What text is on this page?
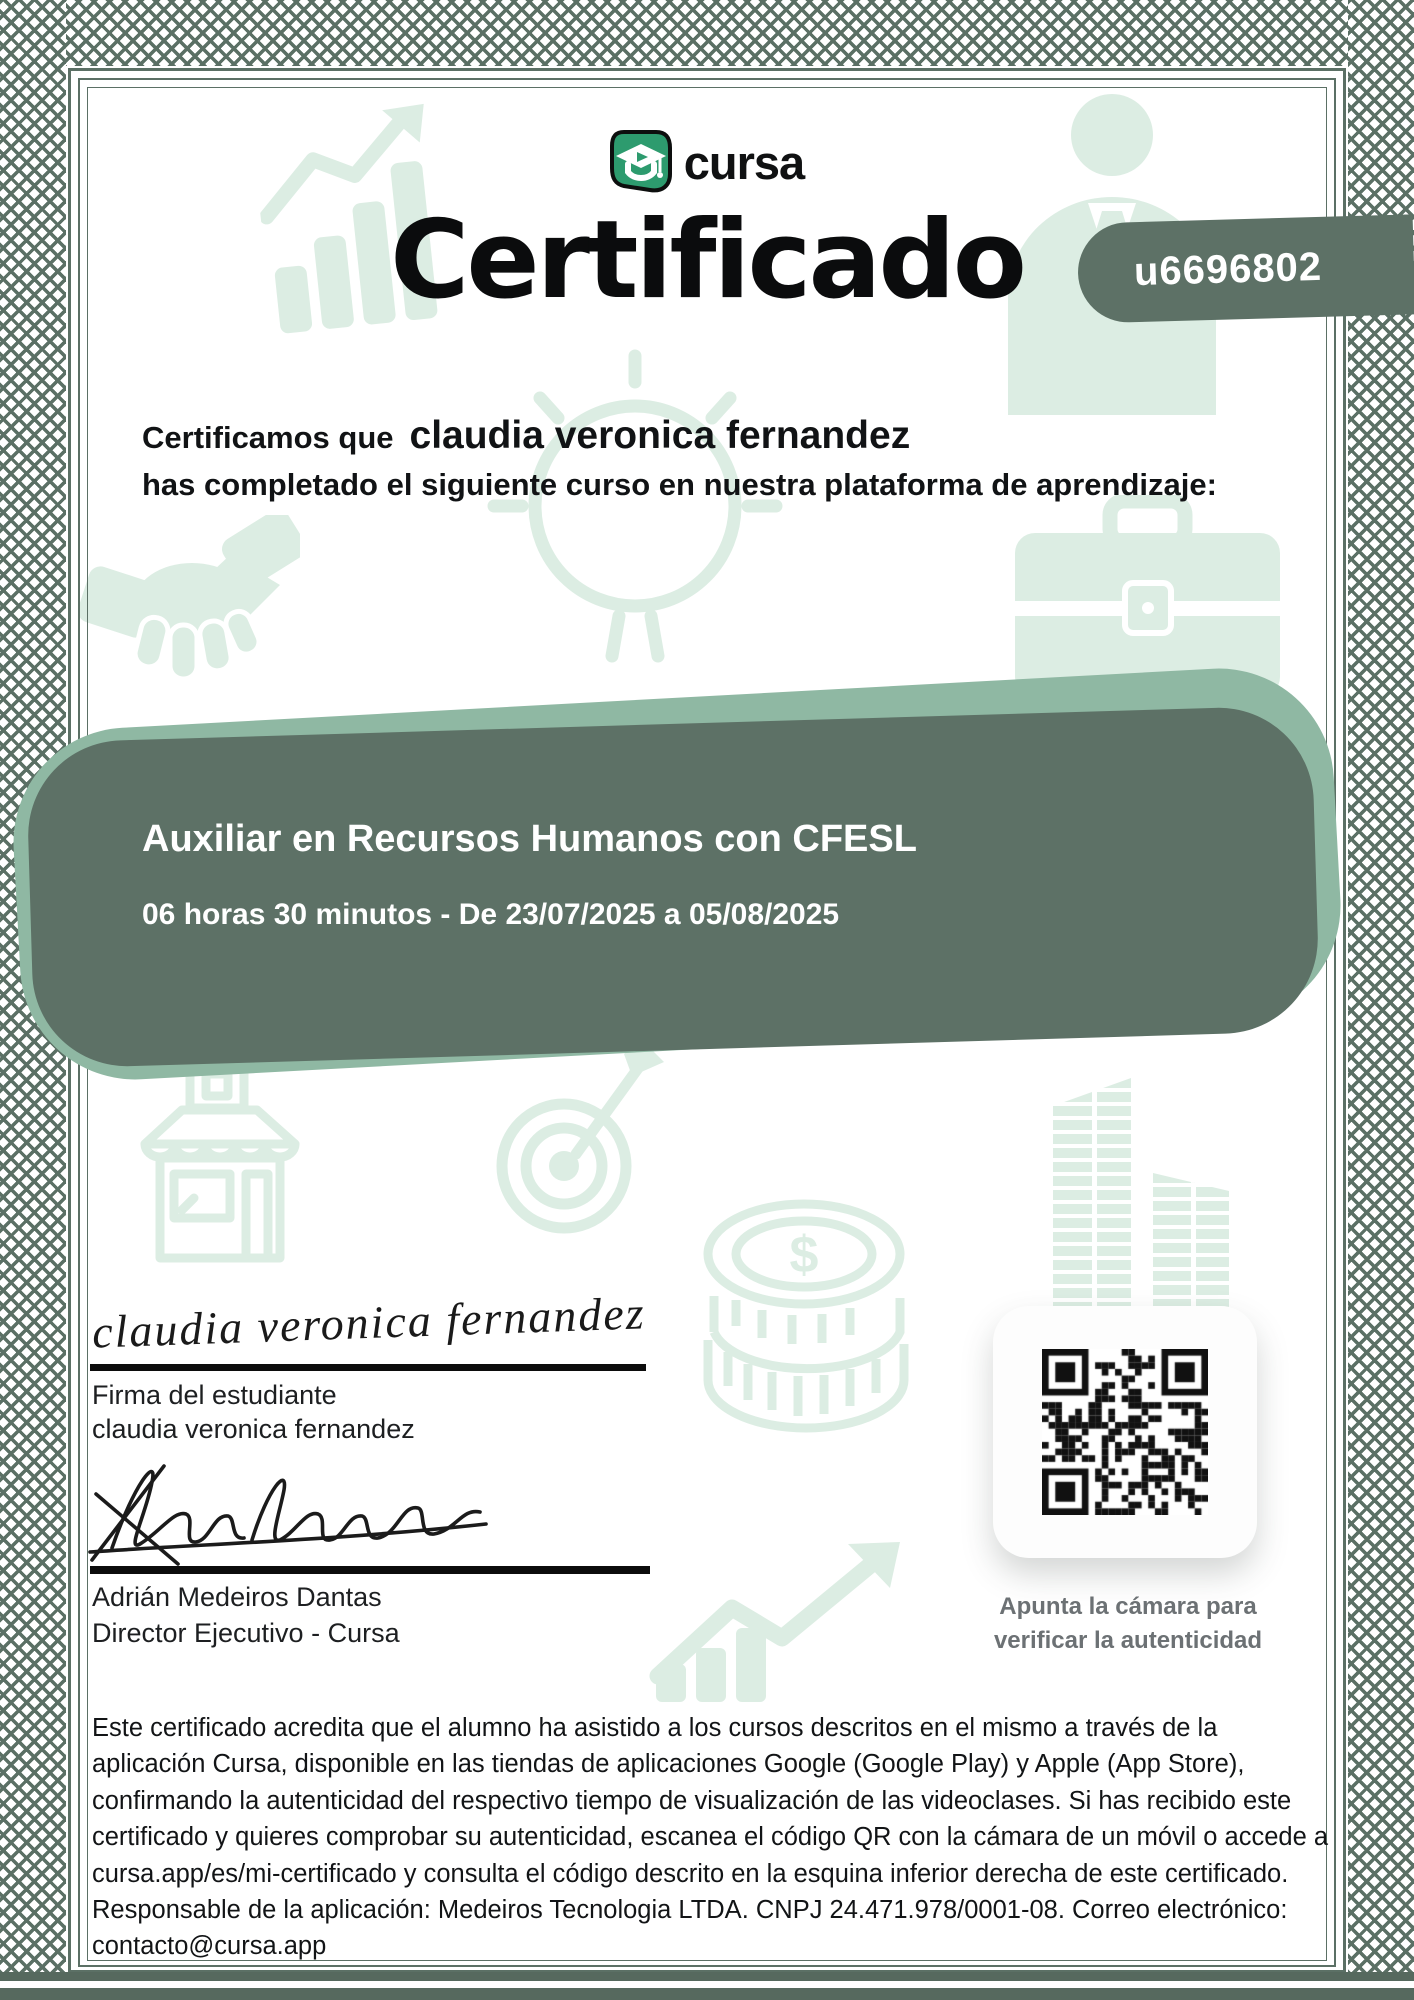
$
cursa
Certificado	u6696802
Certificamos que claudia veronica fernandez
has completado el siguiente curso en nuestra plataforma de aprendizaje:
Auxiliar en Recursos Humanos con CFESL
06 horas 30 minutos - De 23/07/2025 a 05/08/2025
claudia veronica fernandez
Firma del estudiante
claudia veronica fernandez
Adrián Medeiros Dantas
Director Ejecutivo - Cursa
Apunta la cámara para
verificar la autenticidad
Este certificado acredita que el alumno ha asistido a los cursos descritos en el mismo a través de la aplicación Cursa, disponible en las tiendas de aplicaciones Google (Google Play) y Apple (App Store), confirmando la autenticidad del respectivo tiempo de visualización de las videoclases. Si has recibido este certificado y quieres comprobar su autenticidad, escanea el código QR con la cámara de un móvil o accede a cursa.app/es/mi-certificado y consulta el código descrito en la esquina inferior derecha de este certificado. Responsable de la aplicación: Medeiros Tecnologia LTDA. CNPJ 24.471.978/0001-08. Correo electrónico: contacto@cursa.app
